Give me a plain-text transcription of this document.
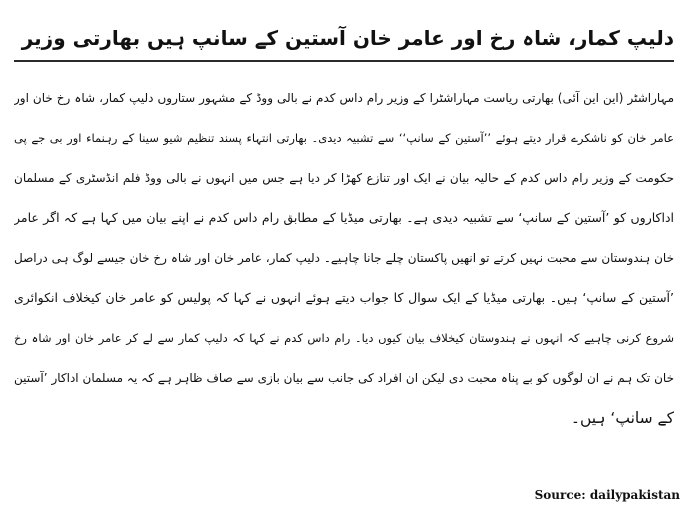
دلیپ کمار، شاہ رخ اور عامر خان آستین کے سانپ ہیں بھارتی وزیر
مہاراشٹر (این این آئی) بھارتی ریاست مہاراشٹرا کے وزیر رام داس کدم نے بالی ووڈ کے مشہور ستاروں دلیپ کمار، شاہ رخ خان اور
عامر خان کو ناشکرے قرار دیتے ہوئے ’’آستین کے سانپ‘‘ سے تشبیہ دیدی۔ بھارتی انتہاء پسند تنظیم شیو سینا کے رہنماء اور بی جے پی
حکومت کے وزیر رام داس کدم کے حالیہ بیان نے ایک اور تنازع کھڑا کر دیا ہے جس میں انہوں نے بالی ووڈ فلم انڈسٹری کے مسلمان
اداکاروں کو ’آستین کے سانپ‘ سے تشبیہ دیدی ہے۔ بھارتی میڈیا کے مطابق رام داس کدم نے اپنے بیان میں کہا ہے کہ اگر عامر
خان ہندوستان سے محبت نہیں کرتے تو انھیں پاکستان چلے جانا چاہیے۔ دلیپ کمار، عامر خان اور شاہ رخ خان جیسے لوگ ہی دراصل
’آستین کے سانپ‘ ہیں۔ بھارتی میڈیا کے ایک سوال کا جواب دیتے ہوئے انہوں نے کہا کہ پولیس کو عامر خان کیخلاف انکوائری
شروع کرنی چاہیے کہ انہوں نے ہندوستان کیخلاف بیان کیوں دیا۔ رام داس کدم نے کہا کہ دلیپ کمار سے لے کر عامر خان اور شاہ رخ
خان تک ہم نے ان لوگوں کو بے پناہ محبت دی لیکن ان افراد کی جانب سے بیان بازی سے صاف ظاہر ہے کہ یہ مسلمان اداکار ’آستین
کے سانپ‘ ہیں۔
Source: dailypakistan
